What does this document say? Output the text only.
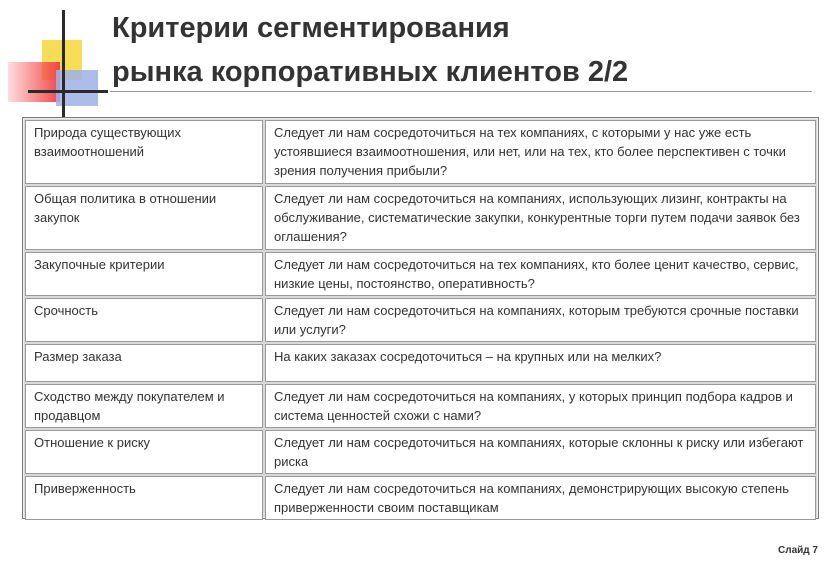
Критерии сегментирования
рынка корпоративных клиентов 2/2
Природа существующих взаимоотношений	Следует ли нам сосредоточиться на тех компаниях, с которыми у нас уже есть устоявшиеся взаимоотношения, или нет, или на тех, кто более перспективен с точки зрения получения прибыли?
Общая политика в отношении закупок	Следует ли нам сосредоточиться на компаниях, использующих лизинг, контракты на обслуживание, систематические закупки, конкурентные торги путем подачи заявок без оглашения?
Закупочные критерии	Следует ли нам сосредоточиться на тех компаниях, кто более ценит качество, сервис, низкие цены, постоянство, оперативность?
Срочность	Следует ли нам сосредоточиться на компаниях, которым требуются срочные поставки или услуги?
Размер заказа	На каких заказах сосредоточиться – на крупных или на мелких?
Сходство между покупателем и продавцом	Следует ли нам сосредоточиться на компаниях, у которых принцип подбора кадров и система ценностей схожи с нами?
Отношение к риску	Следует ли нам сосредоточиться на компаниях, которые склонны к риску или избегают риска
Приверженность	Следует ли нам сосредоточиться на компаниях, демонстрирующих высокую степень приверженности своим поставщикам
Слайд 7
